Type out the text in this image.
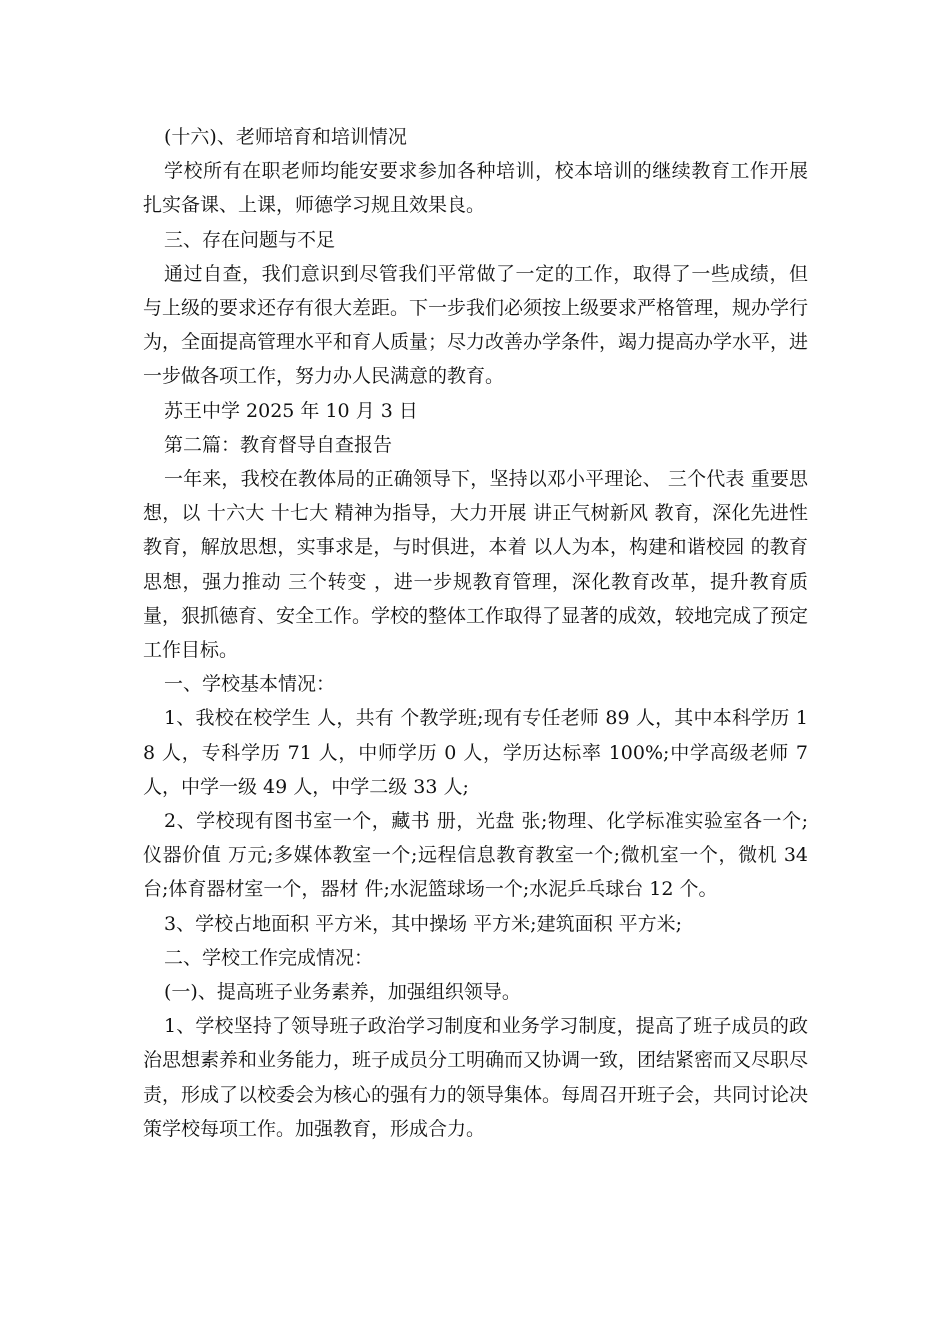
(十六)、老师培育和培训情况

学校所有在职老师均能安要求参加各种培训，校本培训的继续教育工作开展扎实备课、上课，师德学习规且效果良。

三、存在问题与不足

通过自查，我们意识到尽管我们平常做了一定的工作，取得了一些成绩，但与上级的要求还存有很大差距。下一步我们必须按上级要求严格管理，规办学行为，全面提高管理水平和育人质量；尽力改善办学条件，竭力提高办学水平，进一步做各项工作，努力办人民满意的教育。

苏王中学 2025 年 10 月 3 日

第二篇：教育督导自查报告

一年来，我校在教体局的正确领导下，坚持以邓小平理论、 三个代表 重要思想，以 十六大 十七大 精神为指导，大力开展 讲正气树新风 教育，深化先进性教育，解放思想，实事求是，与时俱进，本着 以人为本，构建和谐校园 的教育思想，强力推动 三个转变 ，进一步规教育管理，深化教育改革，提升教育质量，狠抓德育、安全工作。学校的整体工作取得了显著的成效，较地完成了预定工作目标。

一、学校基本情况：

1、我校在校学生 人，共有 个教学班;现有专任老师 89 人，其中本科学历 18 人，专科学历 71 人，中师学历 0 人，学历达标率 100%;中学高级老师 7 人，中学一级 49 人，中学二级 33 人;

2、学校现有图书室一个，藏书 册，光盘 张;物理、化学标准实验室各一个;仪器价值 万元;多媒体教室一个;远程信息教育教室一个;微机室一个，微机 34 台;体育器材室一个，器材 件;水泥篮球场一个;水泥乒乓球台 12 个。

3、学校占地面积 平方米，其中操场 平方米;建筑面积 平方米;

二、学校工作完成情况：

(一)、提高班子业务素养，加强组织领导。

1、学校坚持了领导班子政治学习制度和业务学习制度，提高了班子成员的政治思想素养和业务能力，班子成员分工明确而又协调一致，团结紧密而又尽职尽责，形成了以校委会为核心的强有力的领导集体。每周召开班子会，共同讨论决策学校每项工作。加强教育，形成合力。
